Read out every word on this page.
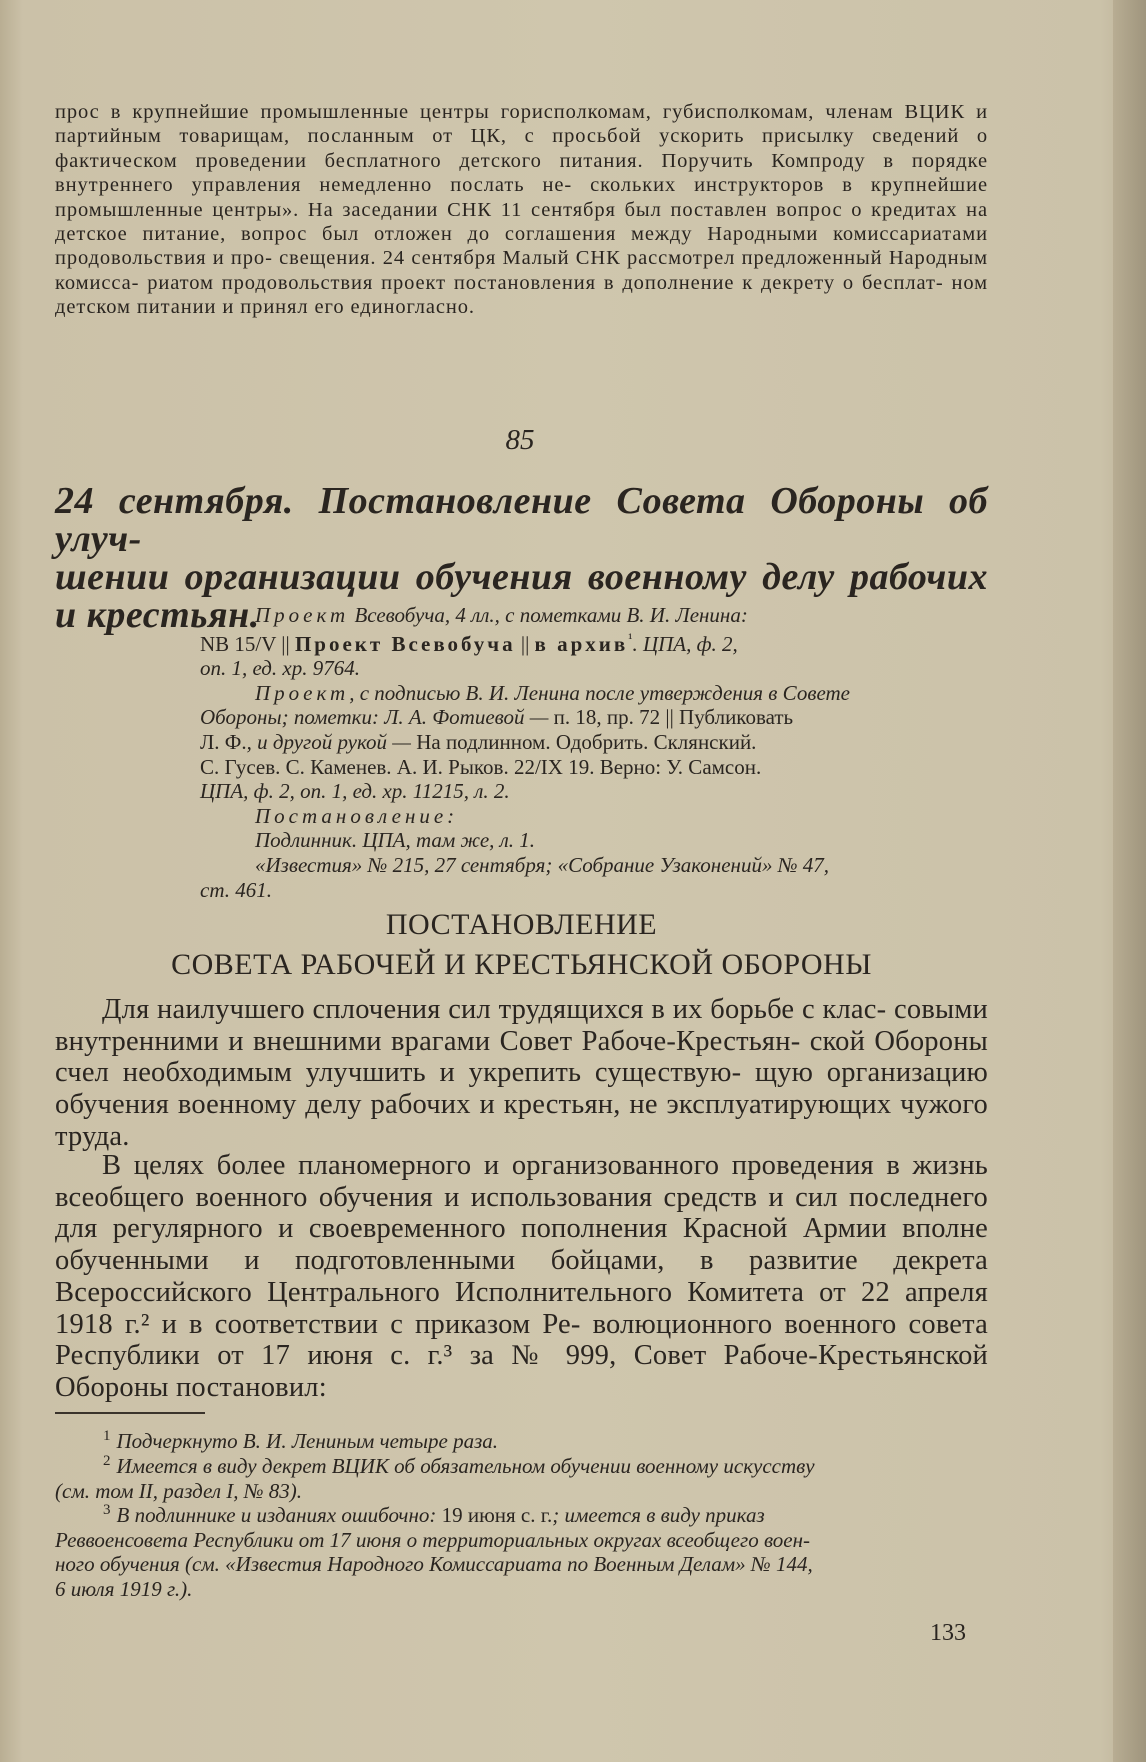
прос в крупнейшие промышленные центры горисполкомам, губисполкомам, членам ВЦИК и партийным товарищам, посланным от ЦК, с просьбой ускорить присылку сведений о фактическом проведении бесплатного детского питания. Поручить Компроду в порядке внутреннего управления немедленно послать не- скольких инструкторов в крупнейшие промышленные центры». На заседании СНК 11 сентября был поставлен вопрос о кредитах на детское питание, вопрос был отложен до соглашения между Народными комиссариатами продовольствия и про- свещения. 24 сентября Малый СНК рассмотрел предложенный Народным комисса- риатом продовольствия проект постановления в дополнение к декрету о бесплат- ном детском питании и принял его единогласно.

85
24 сентября. Постановление Совета Обороны об улуч-
шении организации обучения военному делу рабочих
и крестьян.

Проект Всевобуча, 4 лл., с пометками В. И. Ленина:

NB 15/V || Проект Всевобуча || в архив$^{^1}$. ЦПА, ф. 2,

оп. 1, ед. хр. 9764.

Проект, с подписью В. И. Ленина после утверждения в Совете

Обороны; пометки: Л. А. Фотиевой — п. 18, пр. 72 || Публиковать

Л. Ф., и другой рукой — На подлинном. Одобрить. Склянский.

С. Гусев. С. Каменев. А. И. Рыков. 22/IX 19. Верно: У. Самсон.

ЦПА, ф. 2, оп. 1, ед. хр. 11215, л. 2.

Постановление:

Подлинник. ЦПА, там же, л. 1.

«Известия» № 215, 27 сентября; «Собрание Узаконений» № 47,

ст. 461.

ПОСТАНОВЛЕНИЕ
СОВЕТА РАБОЧЕЙ И КРЕСТЬЯНСКОЙ ОБОРОНЫ
Для наилучшего сплочения сил трудящихся в их борьбе с клас- совыми внутренними и внешними врагами Совет Рабоче-Крестьян- ской Обороны счел необходимым улучшить и укрепить существую- щую организацию обучения военному делу рабочих и крестьян, не эксплуатирующих чужого труда.
В целях более планомерного и организованного проведения в жизнь всеобщего военного обучения и использования средств и сил последнего для регулярного и своевременного пополнения Красной Армии вполне обученными и подготовленными бойцами, в развитие декрета Всероссийского Центрального Исполнительного Комитета от 22 апреля 1918 г.² и в соответствии с приказом Ре- волюционного военного совета Республики от 17 июня с. г.³ за № 999, Совет Рабоче-Крестьянской Обороны постановил:

$^1$ Подчеркнуто В. И. Лениным четыре раза.

$^2$ Имеется в виду декрет ВЦИК об обязательном обучении военному искусству
(см. том II, раздел I, № 83).

$^3$ В подлиннике и изданиях ошибочно: 19 июня с. г.; имеется в виду приказ
Реввоенсовета Республики от 17 июня о территориальных округах всеобщего воен-
ного обучения (см. «Известия Народного Комиссариата по Военным Делам» № 144,
6 июля 1919 г.).

133
